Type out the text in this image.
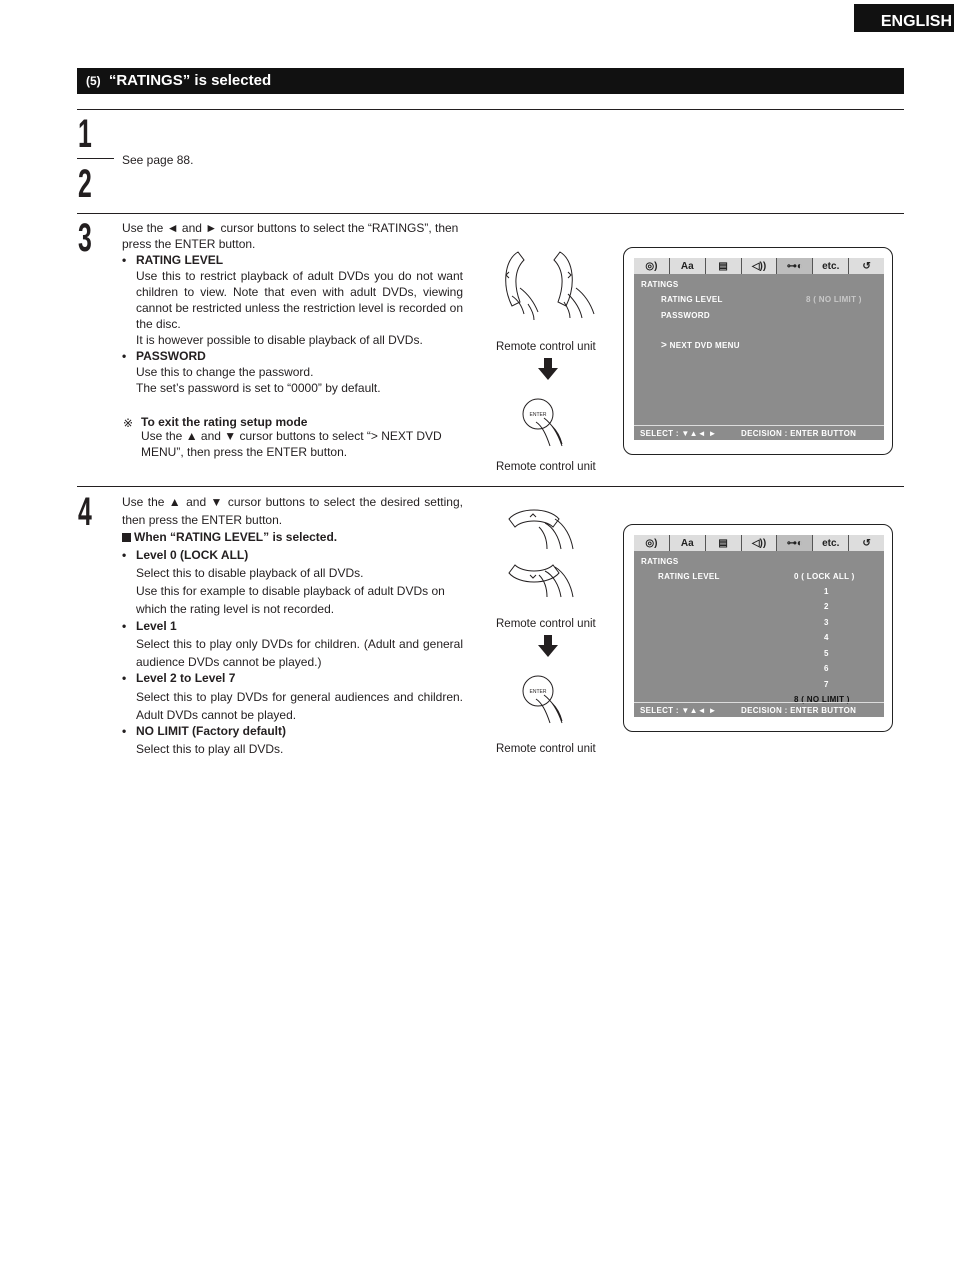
ENGLISH
(5) “RATINGS” is selected
1
2
3
4
See page 88.
Use the ◄ and ► cursor buttons to select the “RATINGS”, then press the ENTER button.
• RATING LEVEL
Use this to restrict playback of adult DVDs you do not want children to view. Note that even with adult DVDs, viewing cannot be restricted unless the restriction level is recorded on the disc.
It is however possible to disable playback of all DVDs.
• PASSWORD
Use this to change the password.
The set’s password is set to “0000” by default.
※ To exit the rating setup mode
Use the ▲ and ▼ cursor buttons to select “> NEXT DVD MENU”, then press the ENTER button.
Use the ▲ and ▼ cursor buttons to select the desired setting, then press the ENTER button.
When “RATING LEVEL” is selected.
• Level 0 (LOCK ALL)
Select this to disable playback of all DVDs.
Use this for example to disable playback of adult DVDs on which the rating level is not recorded.
• Level 1
Select this to play only DVDs for children. (Adult and general audience DVDs cannot be played.)
• Level 2 to Level 7
Select this to play DVDs for general audiences and children. Adult DVDs cannot be played.
• NO LIMIT (Factory default)
Select this to play all DVDs.
Remote control unit
ENTER
Remote control unit
◎)	Aa	▤	◁))	⊶◐	etc.	↺
RATINGS
RATING LEVEL	8 ( NO LIMIT )
PASSWORD
> NEXT DVD MENU
SELECT : ▼▲◄ ►	DECISION : ENTER BUTTON
Remote control unit
ENTER
Remote control unit
◎)	Aa	▤	◁))	⊶◐	etc.	↺
RATINGS
RATING LEVEL	0 ( LOCK ALL )
1
2
3
4
5
6
7
8 ( NO LIMIT )
SELECT : ▼▲◄ ►	DECISION : ENTER BUTTON
